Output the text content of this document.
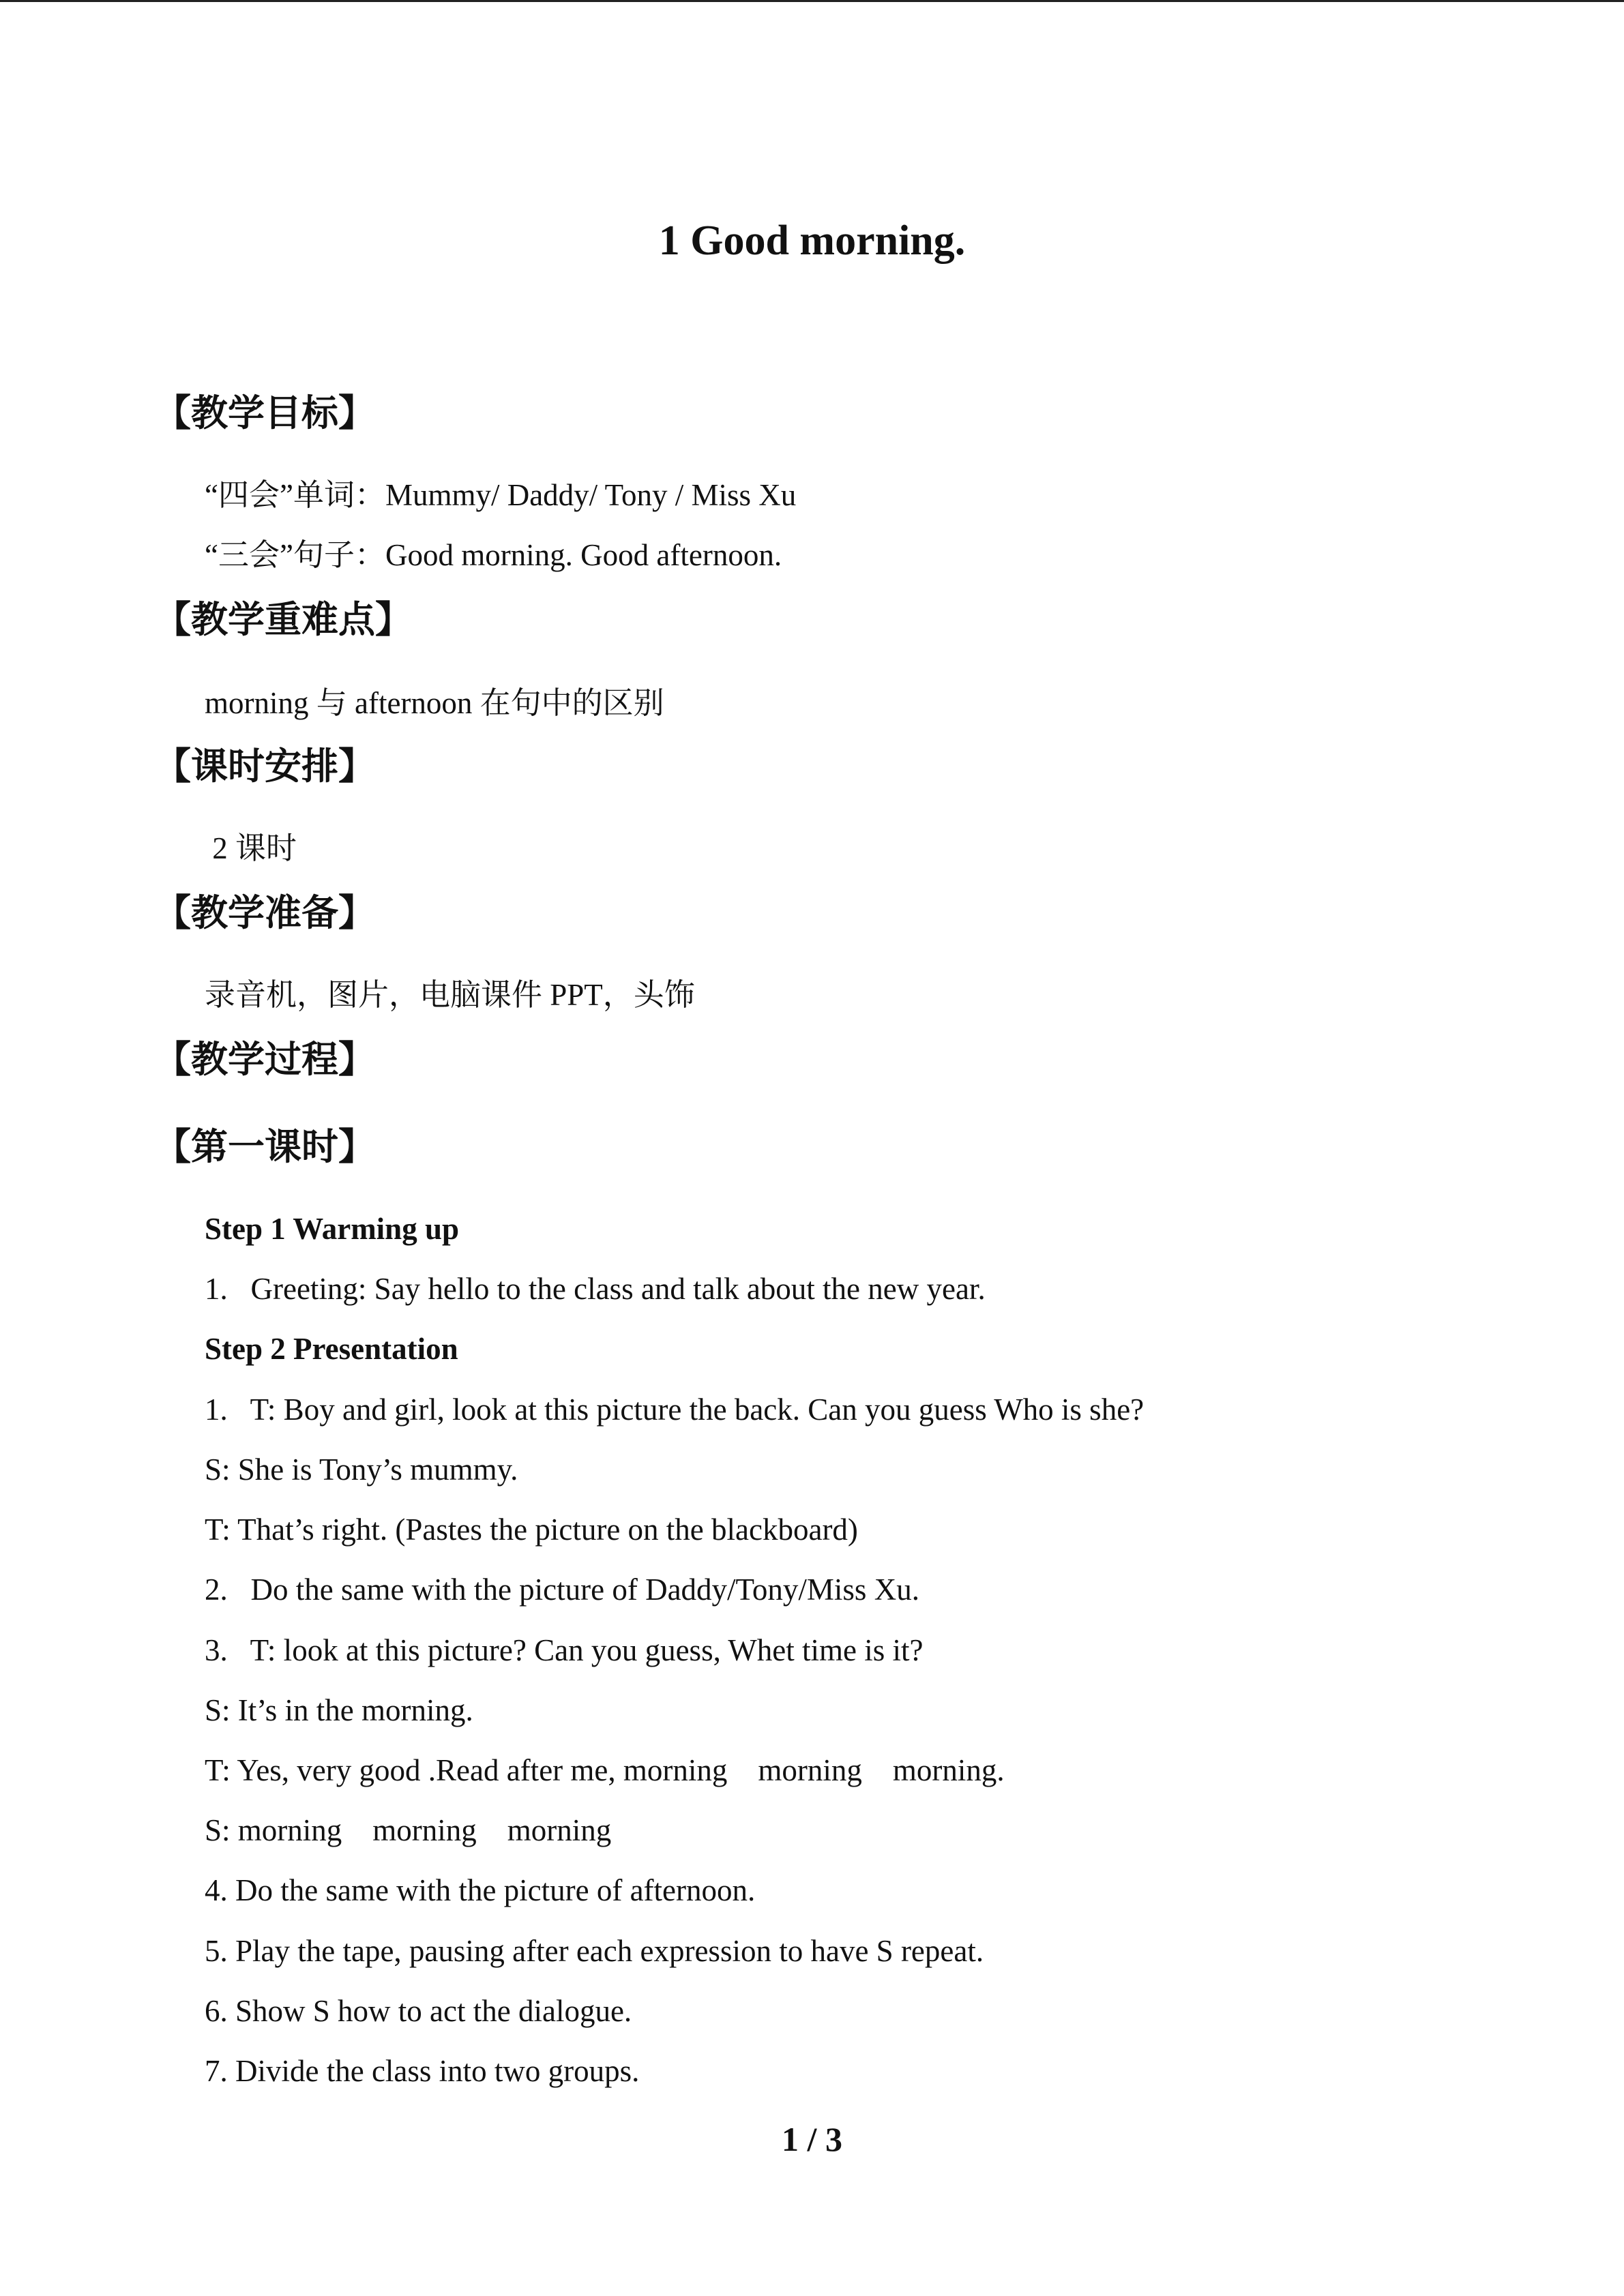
1 Good morning.
【教学目标】
“四会”单词：Mummy/ Daddy/ Tony / Miss Xu
“三会”句子：Good morning. Good afternoon.
【教学重难点】
morning 与 afternoon 在句中的区别
【课时安排】
2 课时
【教学准备】
录音机，图片，电脑课件 PPT，头饰
【教学过程】
【第一课时】
Step 1 Warming up
1.   Greeting: Say hello to the class and talk about the new year.
Step 2 Presentation
1.   T: Boy and girl, look at this picture the back. Can you guess Who is she?
S: She is Tony’s mummy.
T: That’s right. (Pastes the picture on the blackboard)
2.   Do the same with the picture of Daddy/Tony/Miss Xu.
3.   T: look at this picture? Can you guess, Whet time is it?
S: It’s in the morning.
T: Yes, very good .Read after me, morning    morning    morning.
S: morning    morning    morning
4. Do the same with the picture of afternoon.
5. Play the tape, pausing after each expression to have S repeat.
6. Show S how to act the dialogue.
7. Divide the class into two groups.
1 / 3
